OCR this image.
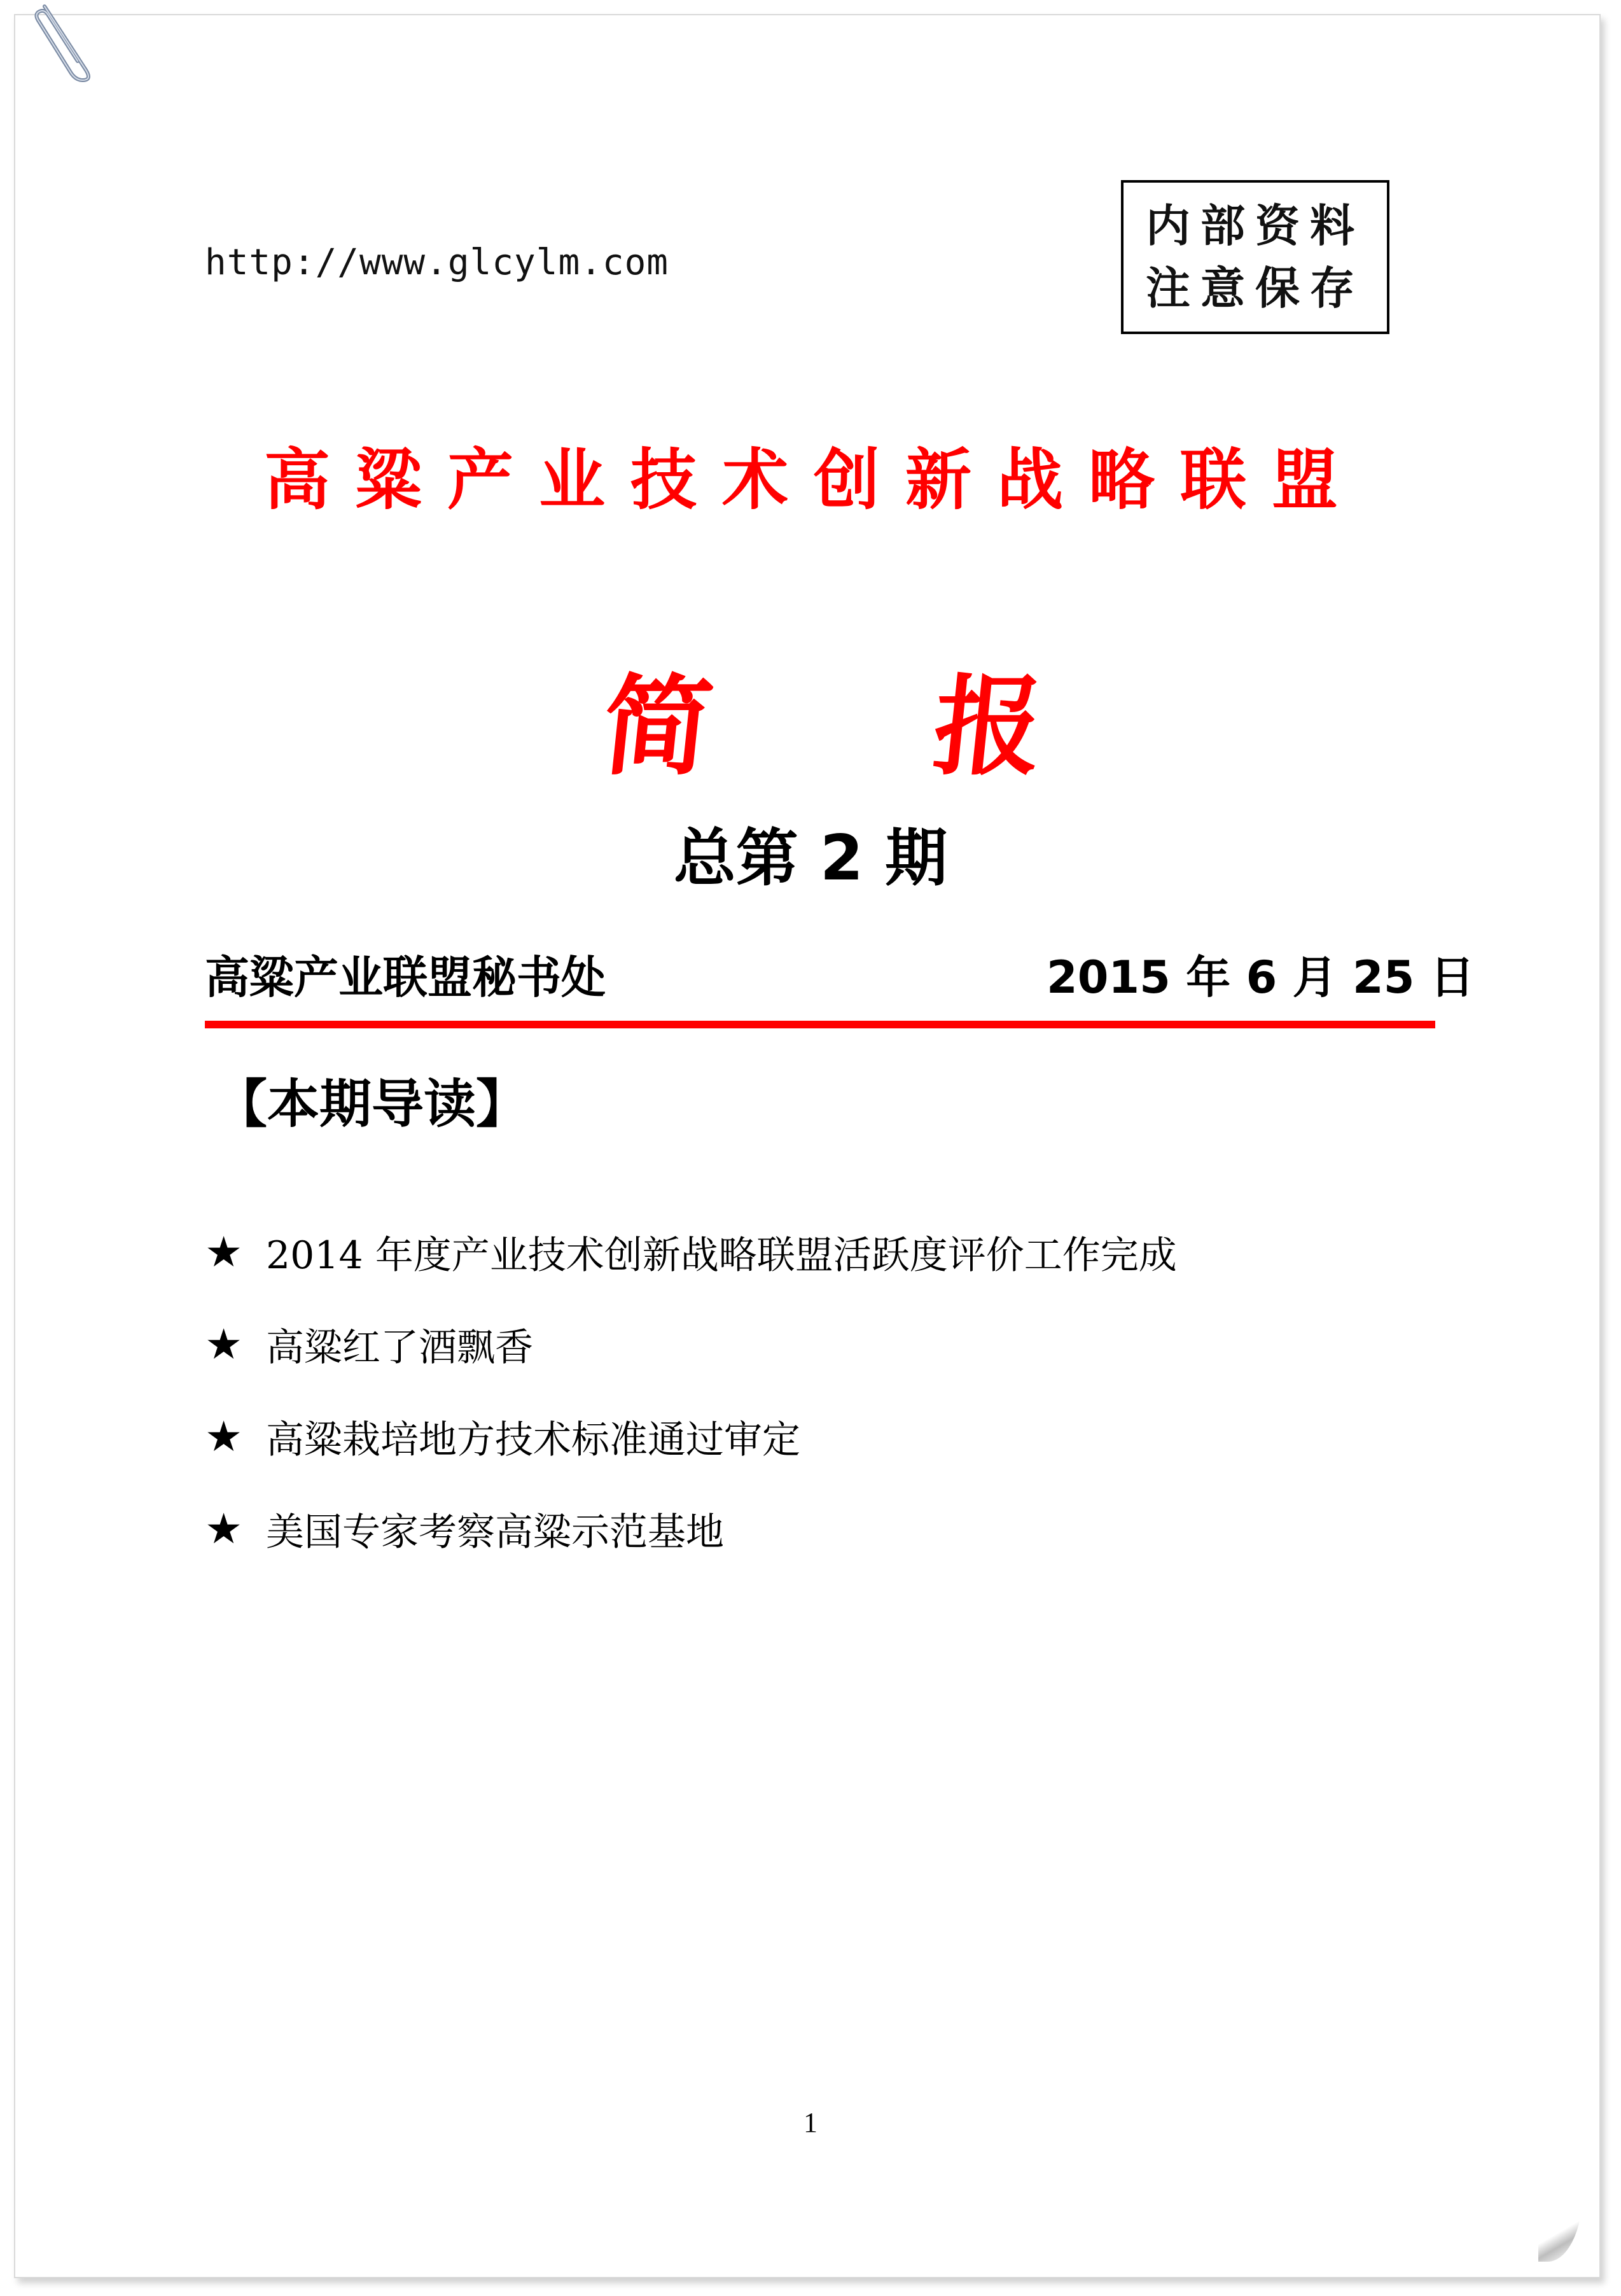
http://www.glcylm.com
内部资料
注意保存
高粱产业技术创新战略联盟
简 报
总第 2 期
高粱产业联盟秘书处	2015 年 6 月 25 日
【本期导读】
★ 2014 年度产业技术创新战略联盟活跃度评价工作完成
★ 高粱红了酒飘香
★ 高粱栽培地方技术标准通过审定
★ 美国专家考察高粱示范基地
1
